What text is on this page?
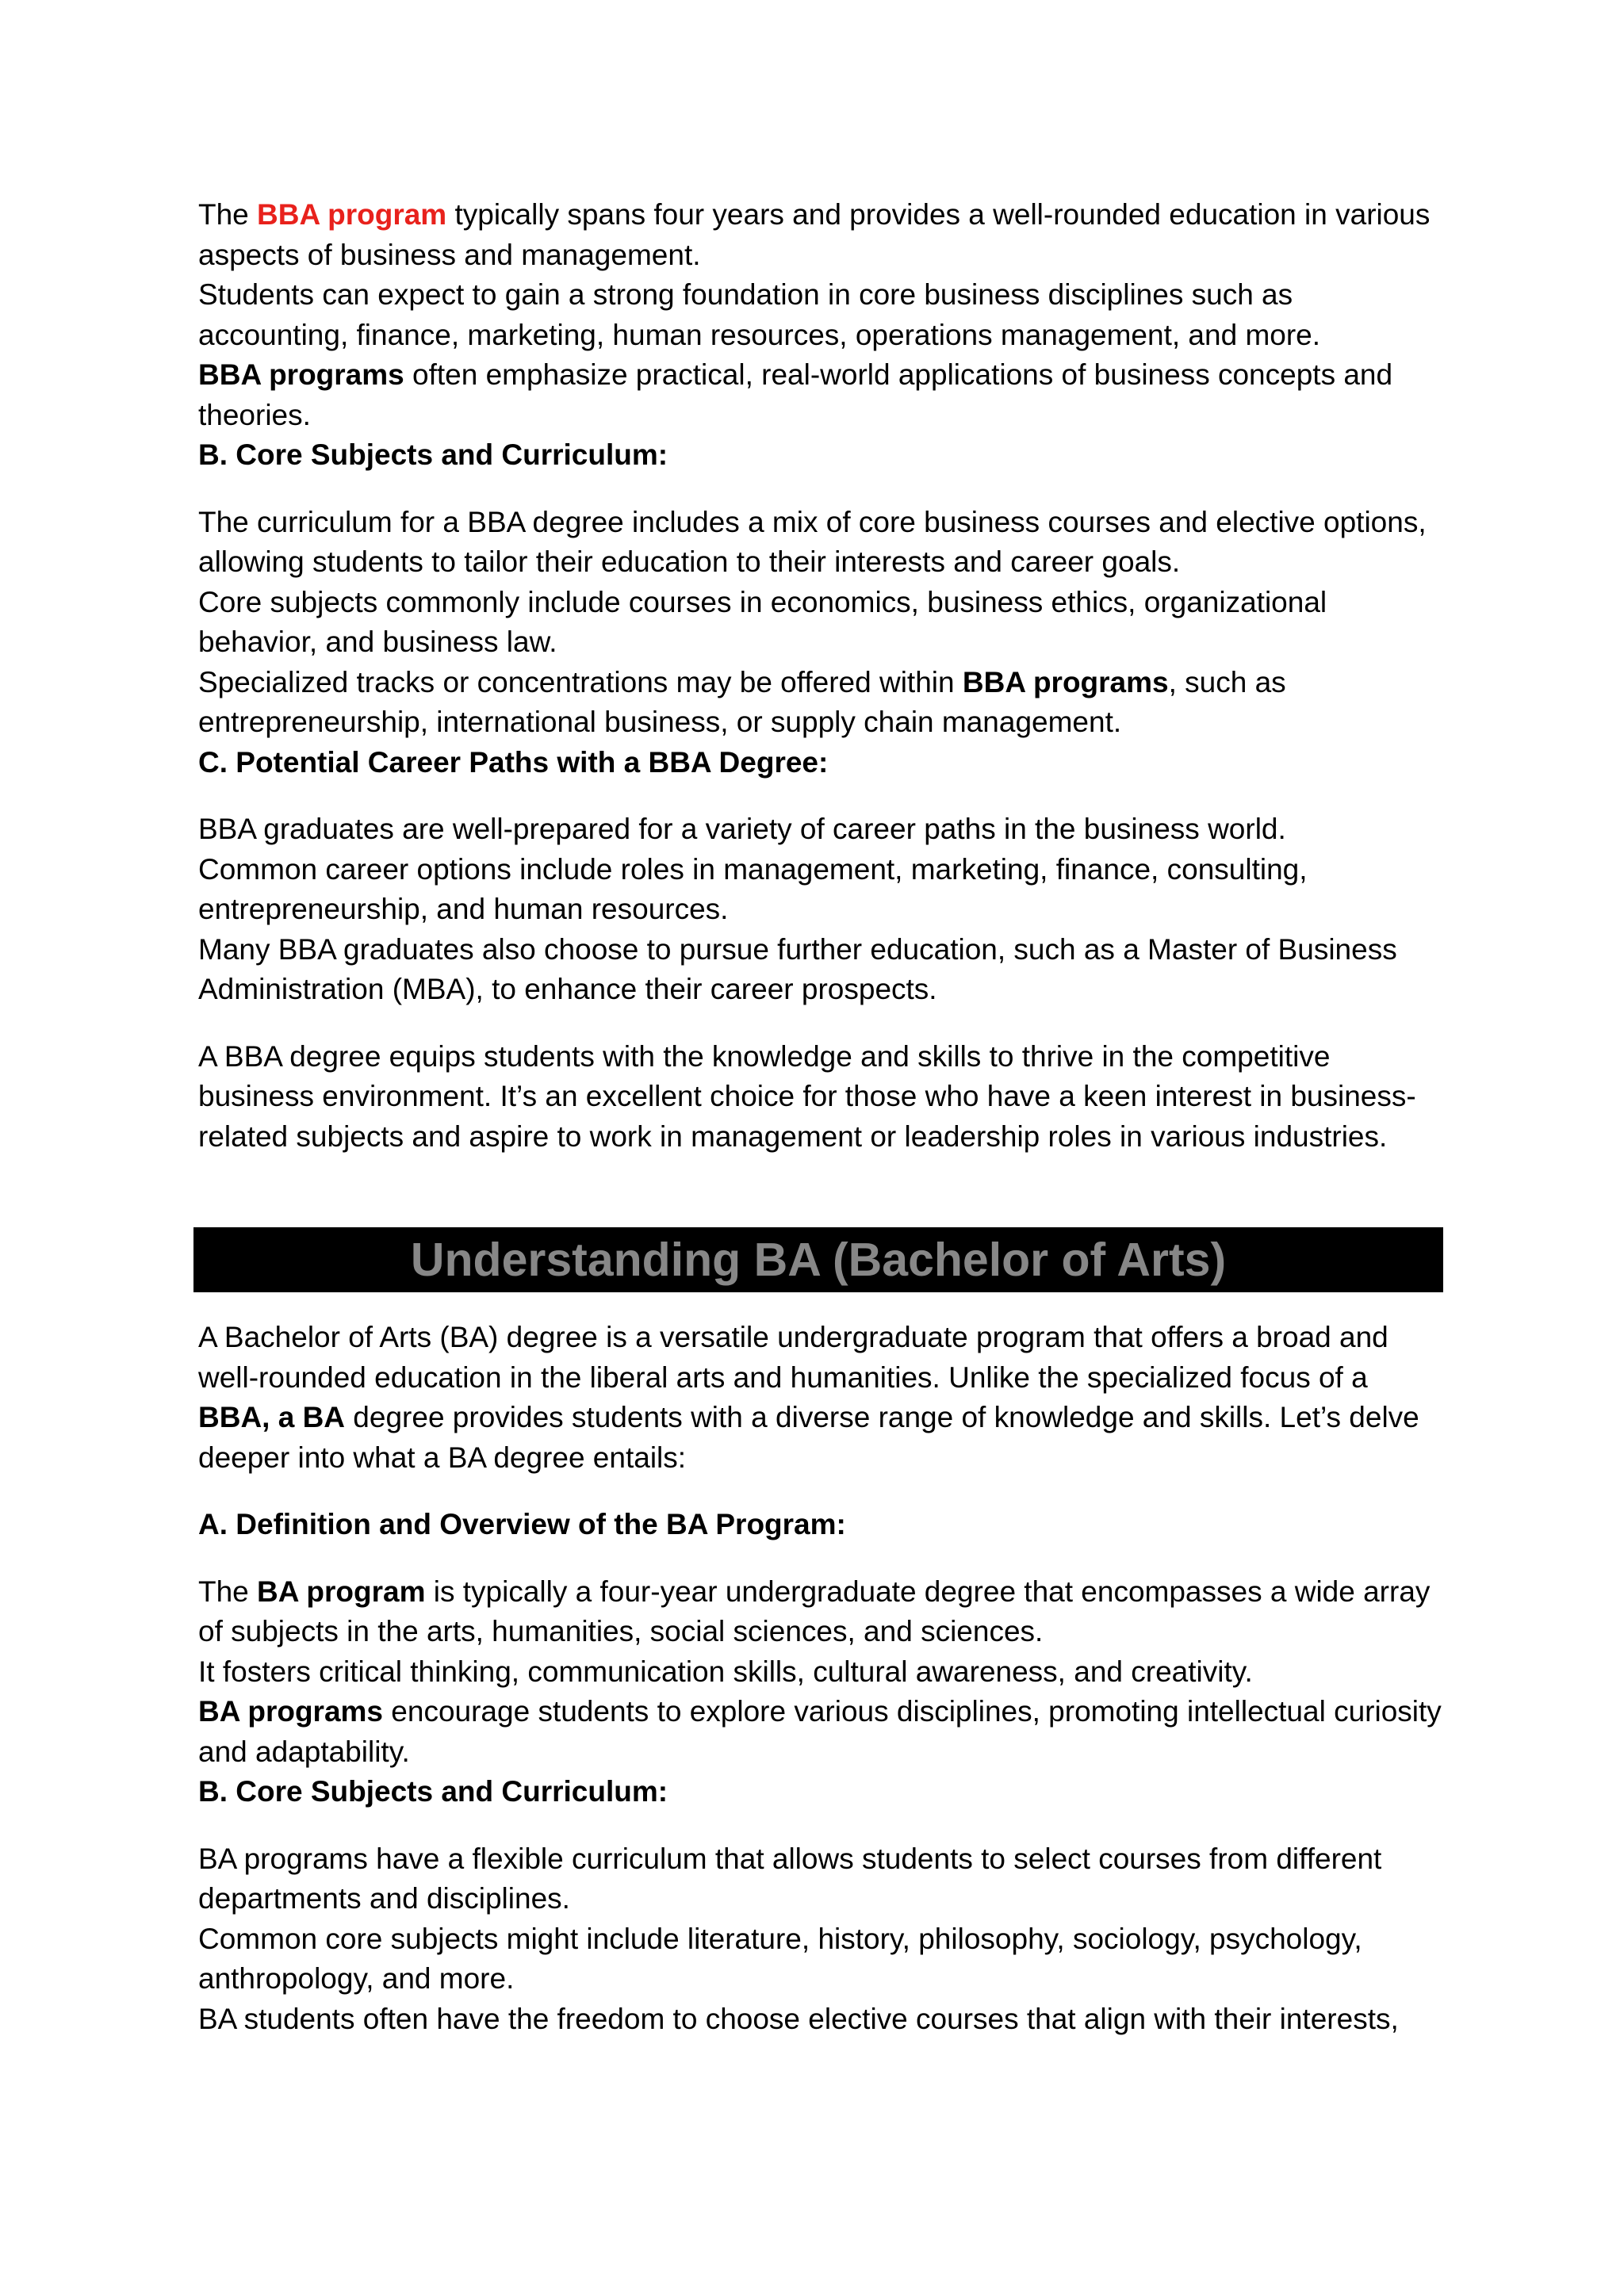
The BBA program typically spans four years and provides a well-rounded education in various aspects of business and management.

Students can expect to gain a strong foundation in core business disciplines such as accounting, finance, marketing, human resources, operations management, and more.

BBA programs often emphasize practical, real-world applications of business concepts and theories.

B. Core Subjects and Curriculum:

The curriculum for a BBA degree includes a mix of core business courses and elective options, allowing students to tailor their education to their interests and career goals.

Core subjects commonly include courses in economics, business ethics, organizational behavior, and business law.

Specialized tracks or concentrations may be offered within BBA programs, such as entrepreneurship, international business, or supply chain management.

C. Potential Career Paths with a BBA Degree:

BBA graduates are well-prepared for a variety of career paths in the business world.

Common career options include roles in management, marketing, finance, consulting, entrepreneurship, and human resources.

Many BBA graduates also choose to pursue further education, such as a Master of Business Administration (MBA), to enhance their career prospects.

A BBA degree equips students with the knowledge and skills to thrive in the competitive business environment. It’s an excellent choice for those who have a keen interest in business-related subjects and aspire to work in management or leadership roles in various industries.

Understanding BA (Bachelor of Arts)

A Bachelor of Arts (BA) degree is a versatile undergraduate program that offers a broad and well-rounded education in the liberal arts and humanities. Unlike the specialized focus of a BBA, a BA degree provides students with a diverse range of knowledge and skills. Let’s delve deeper into what a BA degree entails:

A. Definition and Overview of the BA Program:

The BA program is typically a four-year undergraduate degree that encompasses a wide array of subjects in the arts, humanities, social sciences, and sciences.

It fosters critical thinking, communication skills, cultural awareness, and creativity.

BA programs encourage students to explore various disciplines, promoting intellectual curiosity and adaptability.

B. Core Subjects and Curriculum:

BA programs have a flexible curriculum that allows students to select courses from different departments and disciplines.

Common core subjects might include literature, history, philosophy, sociology, psychology, anthropology, and more.

BA students often have the freedom to choose elective courses that align with their interests,
